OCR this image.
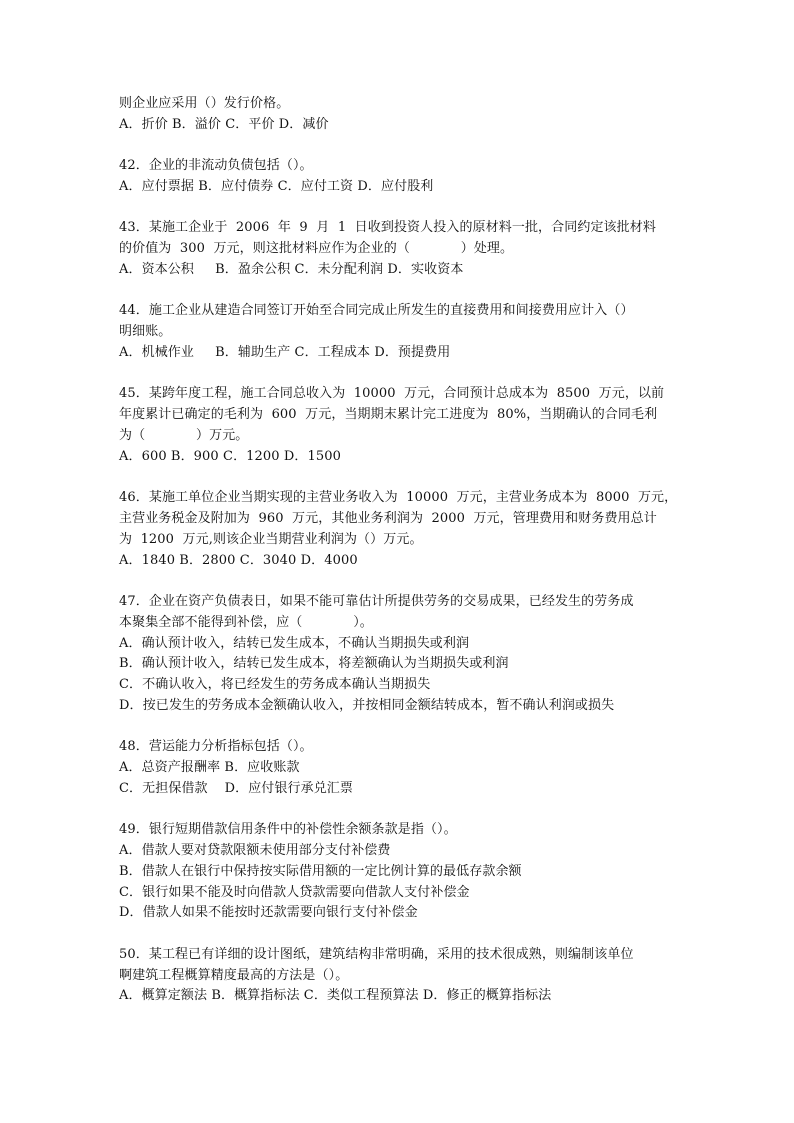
则企业应采用（）发行价格。
A．折价 B．溢价 C．平价 D．减价
42．企业的非流动负债包括（）。
A．应付票据 B．应付债券 C．应付工资 D．应付股利
43．某施工企业于  2006  年  9  月  1  日收到投资人投入的原材料一批，合同约定该批材料
的价值为  300  万元，则这批材料应作为企业的（            ）处理。
A．资本公积     B．盈余公积 C．未分配利润 D．实收资本
44．施工企业从建造合同签订开始至合同完成止所发生的直接费用和间接费用应计入（）
明细账。
A．机械作业     B．辅助生产 C．工程成本 D．预提费用
45．某跨年度工程，施工合同总收入为  10000  万元，合同预计总成本为  8500  万元，以前
年度累计已确定的毛利为  600  万元，当期期末累计完工进度为  80%，当期确认的合同毛利
为（            ）万元。
A．600 B．900 C．1200 D．1500
46．某施工单位企业当期实现的主营业务收入为  10000  万元，主营业务成本为  8000  万元，
主营业务税金及附加为  960  万元，其他业务利润为  2000  万元，管理费用和财务费用总计
为  1200  万元,则该企业当期营业利润为（）万元。
A．1840 B．2800 C．3040 D．4000
47．企业在资产负债表日，如果不能可靠估计所提供劳务的交易成果，已经发生的劳务成
本聚集全部不能得到补偿，应（            ）。
A．确认预计收入，结转已发生成本，不确认当期损失或利润
B．确认预计收入，结转已发生成本，将差额确认为当期损失或利润
C．不确认收入，将已经发生的劳务成本确认当期损失
D．按已发生的劳务成本金额确认收入，并按相同金额结转成本，暂不确认利润或损失
48．营运能力分析指标包括（）。
A．总资产报酬率 B．应收账款
C．无担保借款    D．应付银行承兑汇票
49．银行短期借款信用条件中的补偿性余额条款是指（）。
A．借款人要对贷款限额未使用部分支付补偿费
B．借款人在银行中保持按实际借用额的一定比例计算的最低存款余额
C．银行如果不能及时向借款人贷款需要向借款人支付补偿金
D．借款人如果不能按时还款需要向银行支付补偿金
50．某工程已有详细的设计图纸，建筑结构非常明确，采用的技术很成熟，则编制该单位
啊建筑工程概算精度最高的方法是（）。
A．概算定额法 B．概算指标法 C．类似工程预算法 D．修正的概算指标法
